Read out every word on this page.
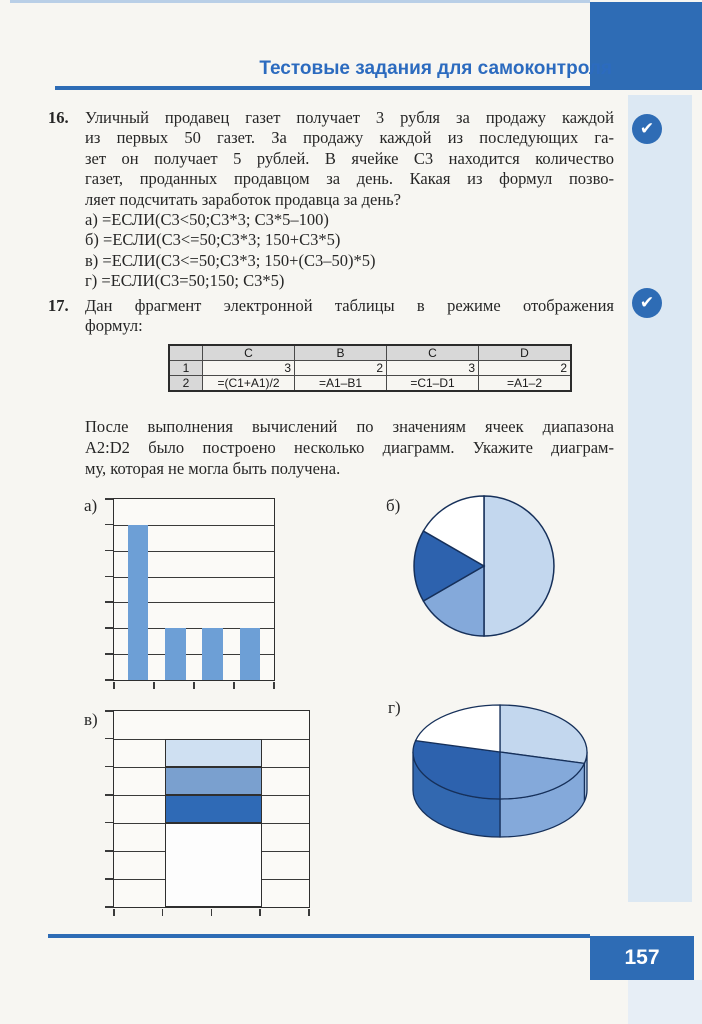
Тестовые задания для самоконтроля
✔
✔
16. Уличный продавец газет получает 3 рубля за продажу каждой
из первых 50 газет. За продажу каждой из последующих га-
зет он получает 5 рублей. В ячейке C3 находится количество
газет, проданных продавцом за день. Какая из формул позво-
ляет подсчитать заработок продавца за день?
а) =ЕСЛИ(C3<50;C3*3; C3*5–100)
б) =ЕСЛИ(C3<=50;C3*3; 150+C3*5)
в) =ЕСЛИ(C3<=50;C3*3; 150+(C3–50)*5)
г) =ЕСЛИ(C3=50;150; C3*5)
17. Дан фрагмент электронной таблицы в режиме отображения
формул:
	C	B	C	D
1	3	2	3	2
2	=(C1+A1)/2	=A1–B1	=C1–D1	=A1–2
После выполнения вычислений по значениям ячеек диапазона
A2:D2 было построено несколько диаграмм. Укажите диаграм-
му, которая не могла быть получена.
а)	б)
в)
г)
157
